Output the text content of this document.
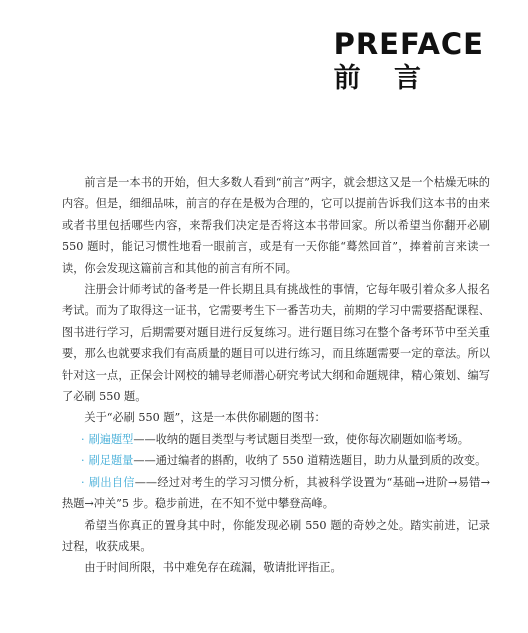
PREFACE
前 言

前言是一本书的开始，但大多数人看到“前言”两字，就会想这又是一个枯燥无味的内容。但是，细细品味，前言的存在是极为合理的，它可以提前告诉我们这本书的由来或者书里包括哪些内容，来帮我们决定是否将这本书带回家。所以希望当你翻开必刷 550 题时，能记习惯性地看一眼前言，或是有一天你能“蓦然回首”，捧着前言来读一读，你会发现这篇前言和其他的前言有所不同。

注册会计师考试的备考是一件长期且具有挑战性的事情，它每年吸引着众多人报名考试。而为了取得这一证书，它需要考生下一番苦功夫，前期的学习中需要搭配课程、图书进行学习，后期需要对题目进行反复练习。进行题目练习在整个备考环节中至关重要，那么也就要求我们有高质量的题目可以进行练习，而且练题需要一定的章法。所以针对这一点，正保会计网校的辅导老师潜心研究考试大纲和命题规律，精心策划、编写了必刷 550 题。

关于“必刷 550 题”，这是一本供你刷题的图书：

· 刷遍题型——收纳的题目类型与考试题目类型一致，使你每次刷题如临考场。
· 刷足题量——通过编者的斟酌，收纳了 550 道精选题目，助力从量到质的改变。
· 刷出自信——经过对考生的学习习惯分析，其被科学设置为“基础→进阶→易错→热题→冲关”5 步。稳步前进，在不知不觉中攀登高峰。

希望当你真正的置身其中时，你能发现必刷 550 题的奇妙之处。踏实前进，记录过程，收获成果。

由于时间所限，书中难免存在疏漏，敬请批评指正。
